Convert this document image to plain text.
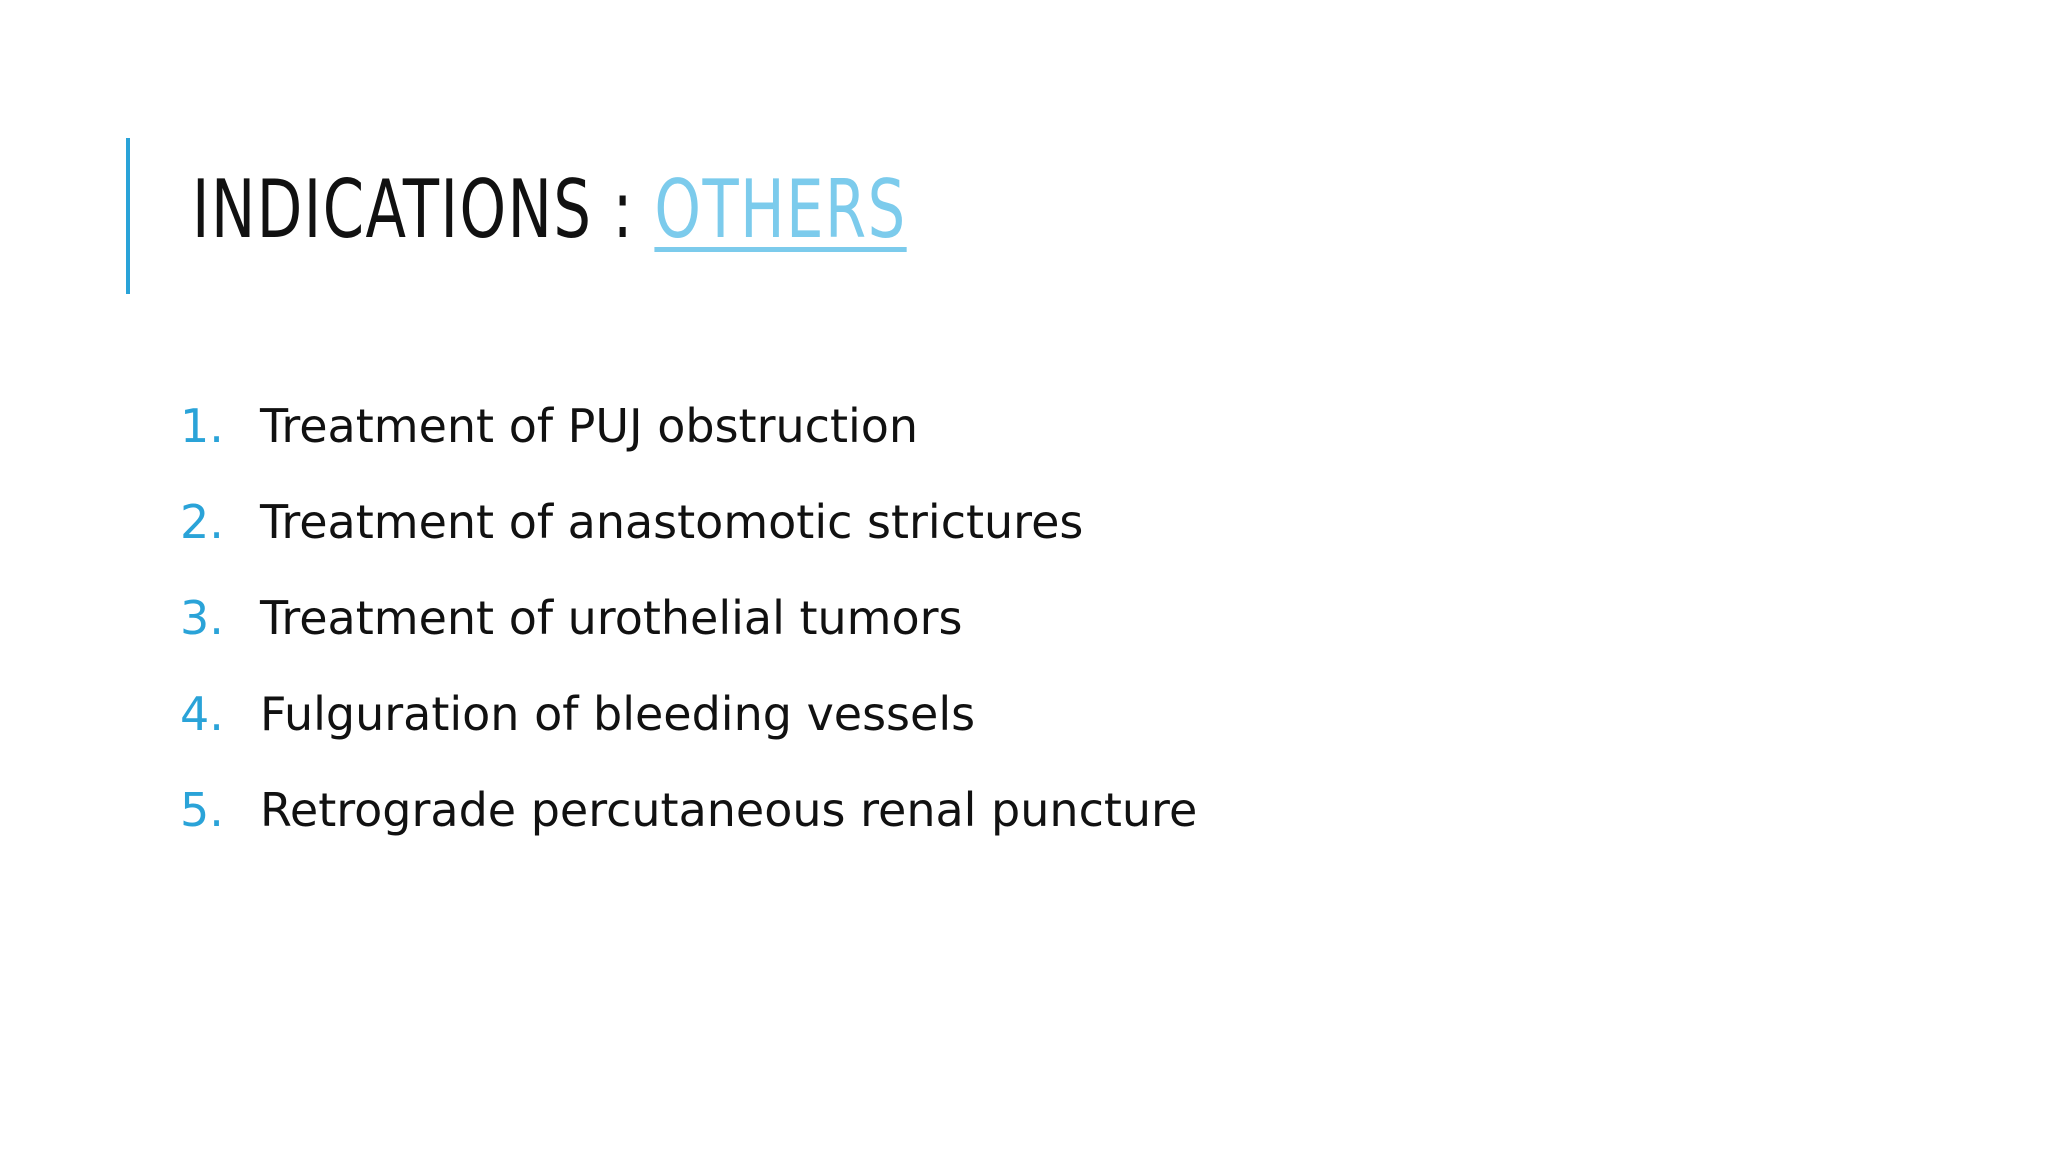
INDICATIONS : OTHERS
1. Treatment of PUJ obstruction
2. Treatment of anastomotic strictures
3. Treatment of urothelial tumors
4. Fulguration of bleeding vessels
5. Retrograde percutaneous renal puncture
